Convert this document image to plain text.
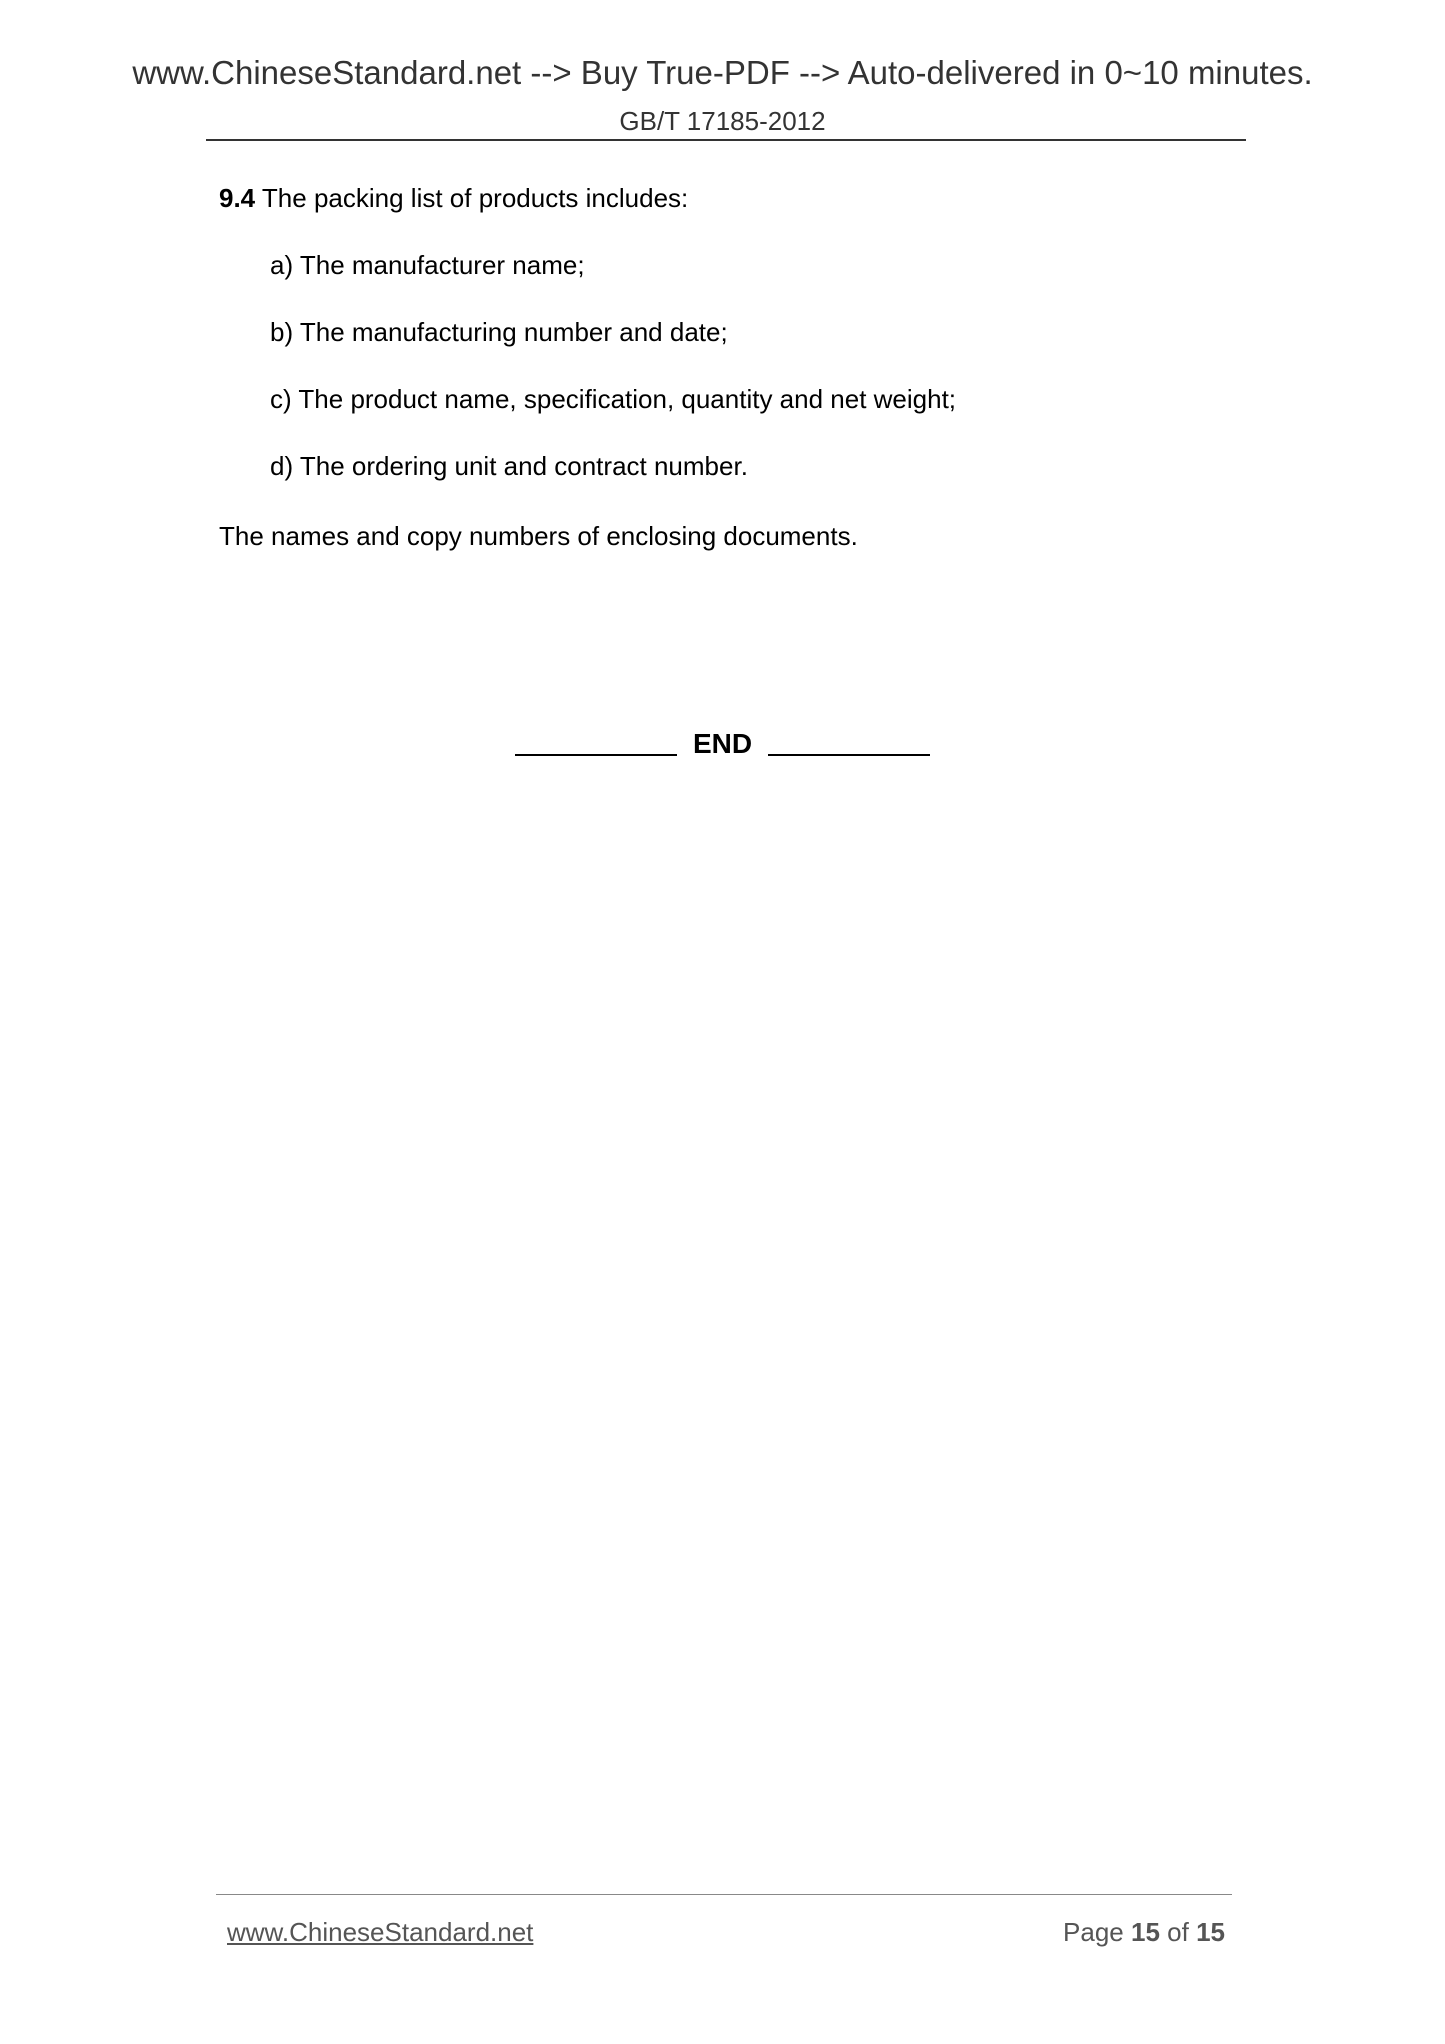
www.ChineseStandard.net --> Buy True-PDF --> Auto-delivered in 0~10 minutes.
GB/T 17185-2012
9.4 The packing list of products includes:
a) The manufacturer name;
b) The manufacturing number and date;
c) The product name, specification, quantity and net weight;
d) The ordering unit and contract number.
The names and copy numbers of enclosing documents.
END
www.ChineseStandard.net	Page 15 of 15
